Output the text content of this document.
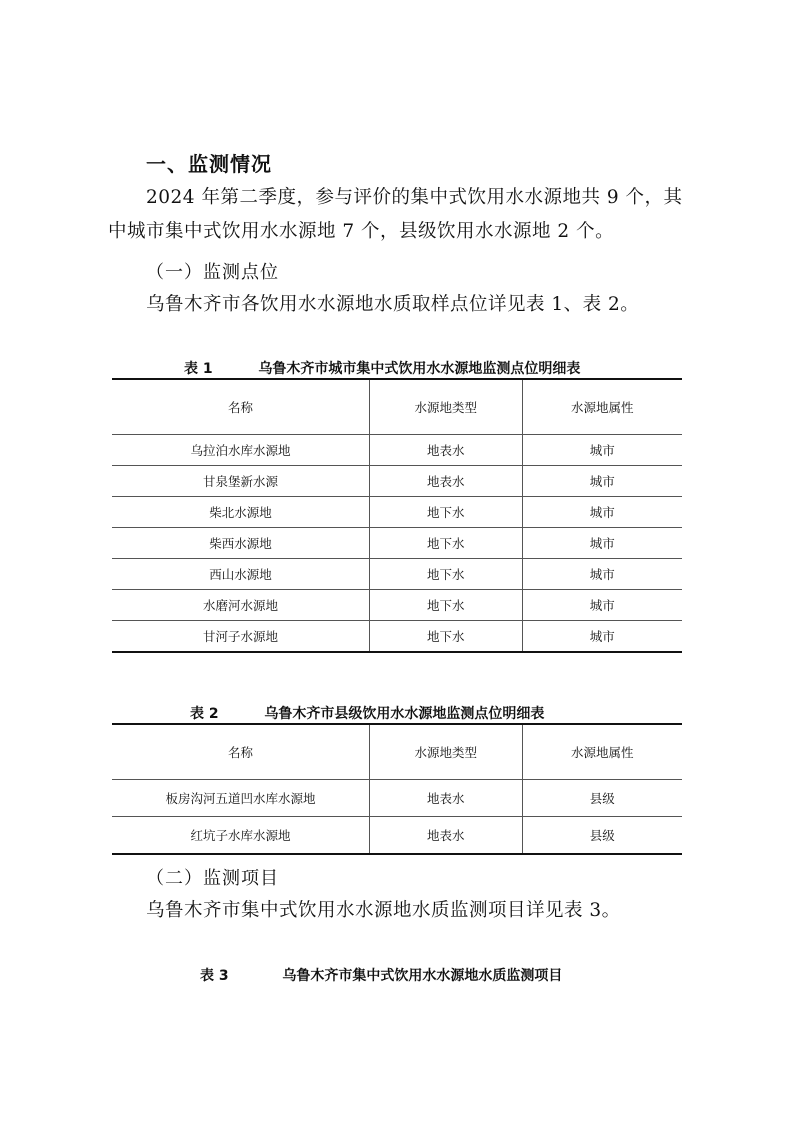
一、监测情况
2024 年第二季度，参与评价的集中式饮用水水源地共 9 个，其中城市集中式饮用水水源地 7 个，县级饮用水水源地 2 个。
（一）监测点位
乌鲁木齐市各饮用水水源地水质取样点位详见表 1、表 2。
表 1	乌鲁木齐市城市集中式饮用水水源地监测点位明细表
名称	水源地类型	水源地属性
乌拉泊水库水源地	地表水	城市
甘泉堡新水源	地表水	城市
柴北水源地	地下水	城市
柴西水源地	地下水	城市
西山水源地	地下水	城市
水磨河水源地	地下水	城市
甘河子水源地	地下水	城市
表 2	乌鲁木齐市县级饮用水水源地监测点位明细表
名称	水源地类型	水源地属性
板房沟河五道凹水库水源地	地表水	县级
红坑子水库水源地	地表水	县级
（二）监测项目
乌鲁木齐市集中式饮用水水源地水质监测项目详见表 3。
表 3	乌鲁木齐市集中式饮用水水源地水质监测项目
